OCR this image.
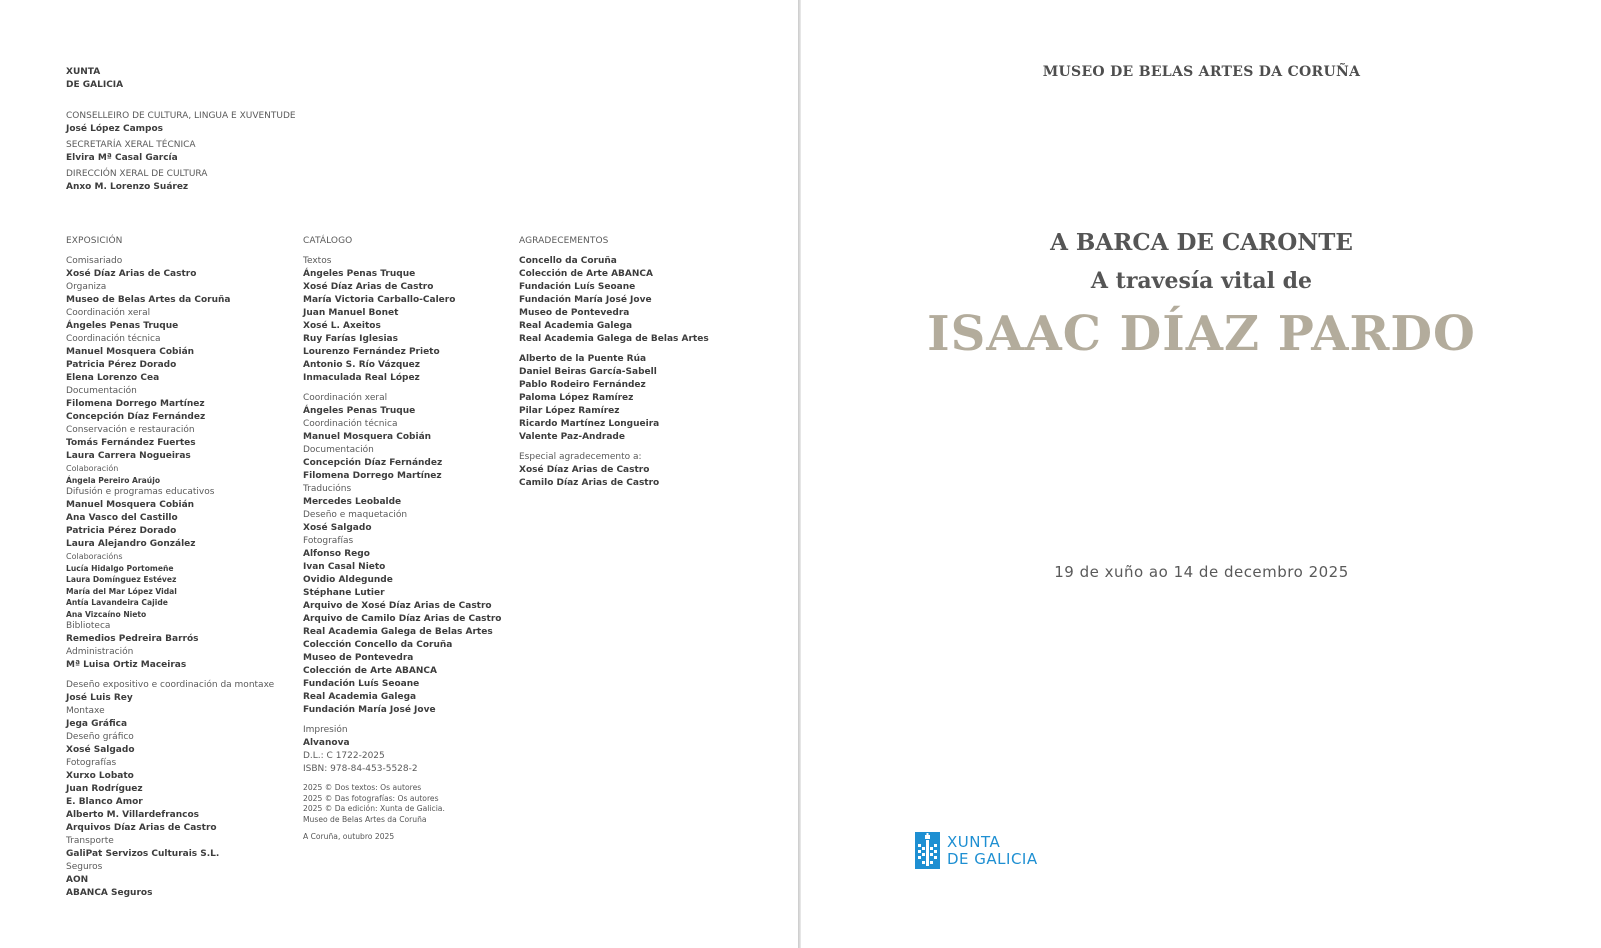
XUNTA
DE GALICIA
CONSELLEIRO DE CULTURA, LINGUA E XUVENTUDE
José López Campos
SECRETARÍA XERAL TÉCNICA
Elvira Mª Casal García
DIRECCIÓN XERAL DE CULTURA
Anxo M. Lorenzo Suárez
EXPOSICIÓN
Comisariado
Xosé Díaz Arias de Castro
Organiza
Museo de Belas Artes da Coruña
Coordinación xeral
Ángeles Penas Truque
Coordinación técnica
Manuel Mosquera Cobián
Patricia Pérez Dorado
Elena Lorenzo Cea
Documentación
Filomena Dorrego Martínez
Concepción Díaz Fernández
Conservación e restauración
Tomás Fernández Fuertes
Laura Carrera Nogueiras
Colaboración
Ángela Pereiro Araújo
Difusión e programas educativos
Manuel Mosquera Cobián
Ana Vasco del Castillo
Patricia Pérez Dorado
Laura Alejandro González
Colaboracións
Lucía Hidalgo Portomeñe
Laura Domínguez Estévez
María del Mar López Vidal
Antía Lavandeira Cajide
Ana Vizcaíno Nieto
Biblioteca
Remedios Pedreira Barrós
Administración
Mª Luisa Ortiz Maceiras
Deseño expositivo e coordinación da montaxe
José Luis Rey
Montaxe
Jega Gráfica
Deseño gráfico
Xosé Salgado
Fotografías
Xurxo Lobato
Juan Rodríguez
E. Blanco Amor
Alberto M. Villardefrancos
Arquivos Díaz Arias de Castro
Transporte
GaliPat Servizos Culturais S.L.
Seguros
AON
ABANCA Seguros
CATÁLOGO
Textos
Ángeles Penas Truque
Xosé Díaz Arias de Castro
María Victoria Carballo-Calero
Juan Manuel Bonet
Xosé L. Axeitos
Ruy Farías Iglesias
Lourenzo Fernández Prieto
Antonio S. Río Vázquez
Inmaculada Real López
Coordinación xeral
Ángeles Penas Truque
Coordinación técnica
Manuel Mosquera Cobián
Documentación
Concepción Díaz Fernández
Filomena Dorrego Martínez
Traducións
Mercedes Leobalde
Deseño e maquetación
Xosé Salgado
Fotografías
Alfonso Rego
Ivan Casal Nieto
Ovidio Aldegunde
Stéphane Lutier
Arquivo de Xosé Díaz Arias de Castro
Arquivo de Camilo Díaz Arias de Castro
Real Academia Galega de Belas Artes
Colección Concello da Coruña
Museo de Pontevedra
Colección de Arte ABANCA
Fundación Luís Seoane
Real Academia Galega
Fundación María José Jove
Impresión
Alvanova
D.L.: C 1722-2025
ISBN: 978-84-453-5528-2
2025 © Dos textos: Os autores
2025 © Das fotografías: Os autores
2025 © Da edición: Xunta de Galicia.
Museo de Belas Artes da Coruña
A Coruña, outubro 2025
AGRADECEMENTOS
Concello da Coruña
Colección de Arte ABANCA
Fundación Luís Seoane
Fundación María José Jove
Museo de Pontevedra
Real Academia Galega
Real Academia Galega de Belas Artes
Alberto de la Puente Rúa
Daniel Beiras García-Sabell
Pablo Rodeiro Fernández
Paloma López Ramírez
Pilar López Ramírez
Ricardo Martínez Longueira
Valente Paz-Andrade
Especial agradecemento a:
Xosé Díaz Arias de Castro
Camilo Díaz Arias de Castro
MUSEO DE BELAS ARTES DA CORUÑA
A BARCA DE CARONTE
A travesía vital de
ISAAC DÍAZ PARDO
19 de xuño ao 14 de decembro 2025
XUNTA
DE GALICIA
